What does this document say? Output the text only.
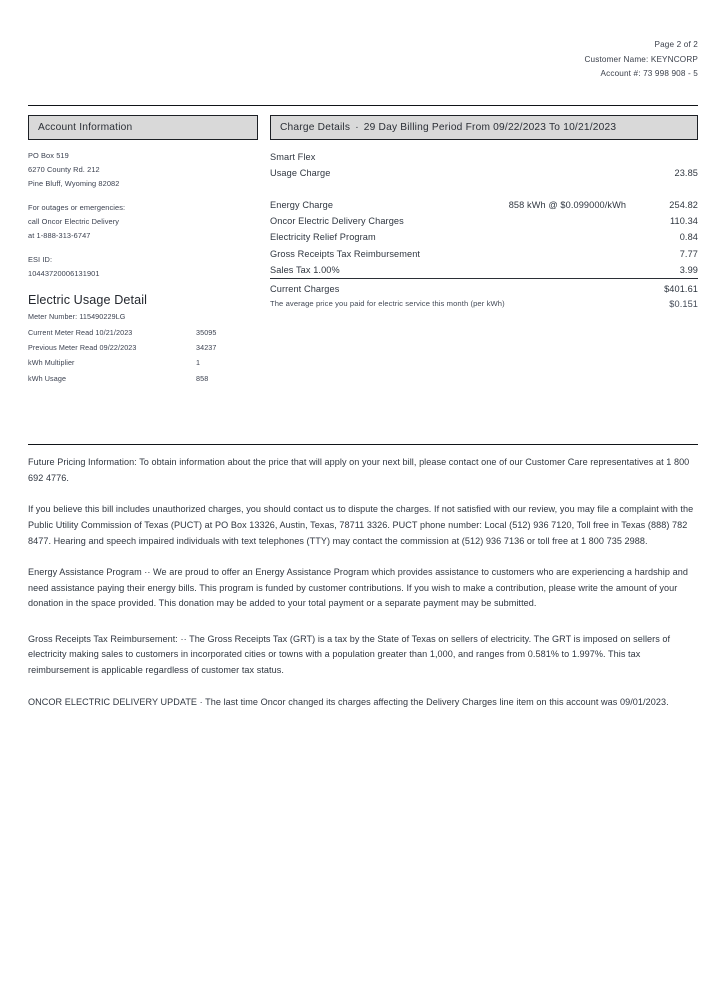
Page 2 of 2
Customer Name: KEYNCORP
Account #: 73 998 908 - 5
Account Information
PO Box 519
6270 County Rd. 212
Pine Bluff, Wyoming 82082
For outages or emergencies:
call Oncor Electric Delivery
at 1-888-313-6747
ESI ID:
10443720006131901
Electric Usage Detail
Meter Number: 115490229LG	
Current Meter Read 10/21/2023	35095
Previous Meter Read 09/22/2023	34237
kWh Multiplier	1
kWh Usage	858
Charge Details · 29 Day Billing Period From 09/22/2023 To 10/21/2023
Smart Flex		
Usage Charge		23.85

Energy Charge	858 kWh @ $0.099000/kWh	254.82
Oncor Electric Delivery Charges		110.34
Electricity Relief Program		0.84
Gross Receipts Tax Reimbursement		7.77
Sales Tax 1.00%		3.99
Current Charges		$401.61
The average price you paid for electric service this month (per kWh)		$0.151

Future Pricing Information: To obtain information about the price that will apply on your next bill, please contact one of our Customer Care representatives at 1 800 692 4776.

If you believe this bill includes unauthorized charges, you should contact us to dispute the charges. If not satisfied with our review, you may file a complaint with the Public Utility Commission of Texas (PUCT) at PO Box 13326, Austin, Texas, 78711 3326. PUCT phone number: Local (512) 936 7120, Toll free in Texas (888) 782 8477. Hearing and speech impaired individuals with text telephones (TTY) may contact the commission at (512) 936 7136 or toll free at 1 800 735 2988.

Energy Assistance Program ·· We are proud to offer an Energy Assistance Program which provides assistance to customers who are experiencing a hardship and need assistance paying their energy bills. This program is funded by customer contributions. If you wish to make a contribution, please write the amount of your donation in the space provided. This donation may be added to your total payment or a separate payment may be submitted.

Gross Receipts Tax Reimbursement: ·· The Gross Receipts Tax (GRT) is a tax by the State of Texas on sellers of electricity. The GRT is imposed on sellers of electricity making sales to customers in incorporated cities or towns with a population greater than 1,000, and ranges from 0.581% to 1.997%. This tax reimbursement is applicable regardless of customer tax status.

ONCOR ELECTRIC DELIVERY UPDATE · The last time Oncor changed its charges affecting the Delivery Charges line item on this account was 09/01/2023.
